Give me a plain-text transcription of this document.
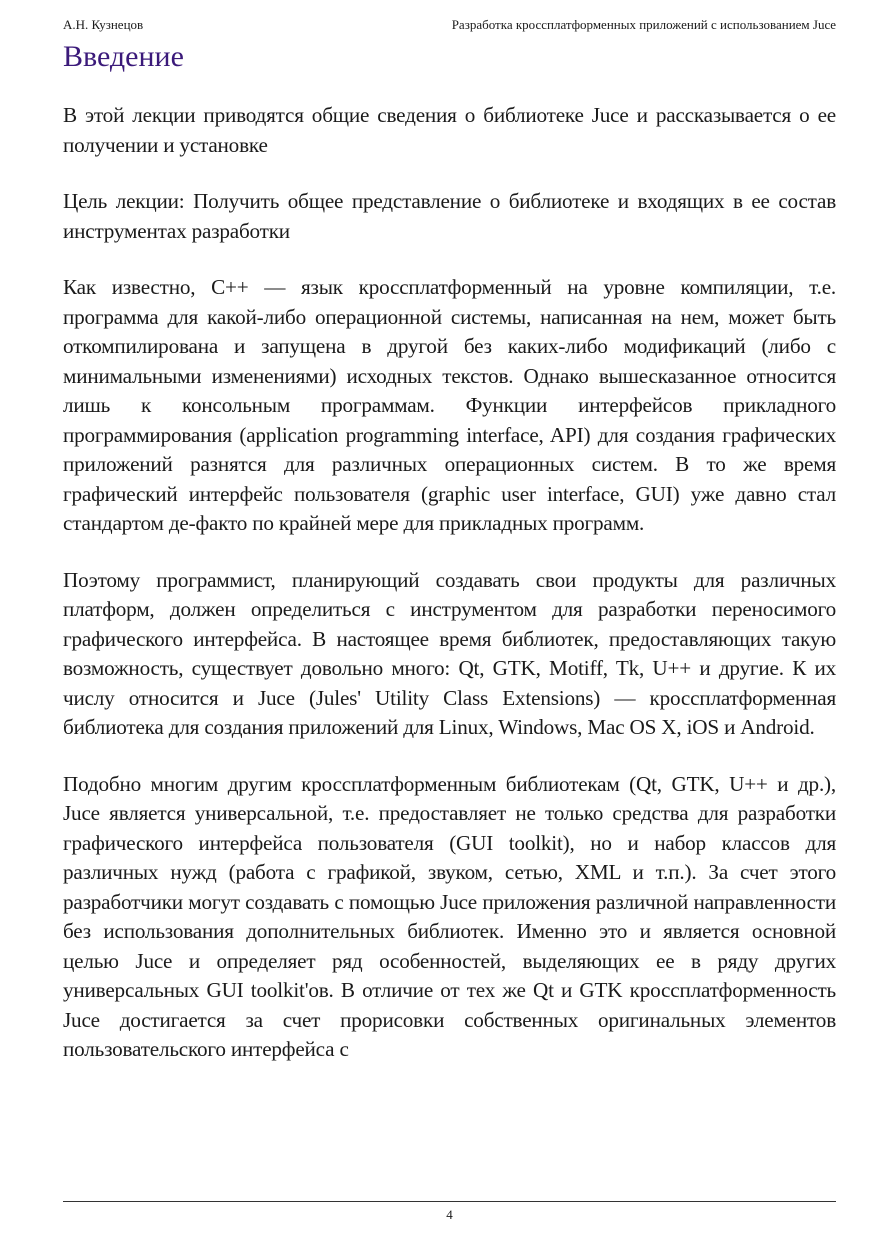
А.Н. Кузнецов	Разработка кроссплатформенных приложений с использованием Juce
Введение

В этой лекции приводятся общие сведения о библиотеке Juce и рассказывается о ее получении и установке

Цель лекции: Получить общее представление о библиотеке и входящих в ее состав инструментах разработки

Как известно, C++ — язык кроссплатформенный на уровне компиляции, т.е. программа для какой-либо операционной системы, написанная на нем, может быть откомпилирована и запущена в другой без каких-либо модификаций (либо с минимальными изменениями) исходных текстов. Однако вышесказанное относится лишь к консольным программам. Функции интерфейсов прикладного программирования (application programming interface, API) для создания графических приложений разнятся для различных операционных систем. В то же время графический интерфейс пользователя (graphic user interface, GUI) уже давно стал стандартом де-факто по крайней мере для прикладных программ.

Поэтому программист, планирующий создавать свои продукты для различных платформ, должен определиться с инструментом для разработки переносимого графического интерфейса. В настоящее время библиотек, предоставляющих такую возможность, существует довольно много: Qt, GTK, Motiff, Tk, U++ и другие. К их числу относится и Juce (Jules' Utility Class Extensions) — кроссплатформенная библиотека для создания приложений для Linux, Windows, Mac OS X, iOS и Android.

Подобно многим другим кроссплатформенным библиотекам (Qt, GTK, U++ и др.), Juce является универсальной, т.е. предоставляет не только средства для разработки графического интерфейса пользователя (GUI toolkit), но и набор классов для различных нужд (работа с графикой, звуком, сетью, XML и т.п.). За счет этого разработчики могут создавать с помощью Juce приложения различной направленности без использования дополнительных библиотек. Именно это и является основной целью Juce и определяет ряд особенностей, выделяющих ее в ряду других универсальных GUI toolkit'ов. В отличие от тех же Qt и GTK кроссплатформенность Juce достигается за счет прорисовки собственных оригинальных элементов пользовательского интерфейса с

4
